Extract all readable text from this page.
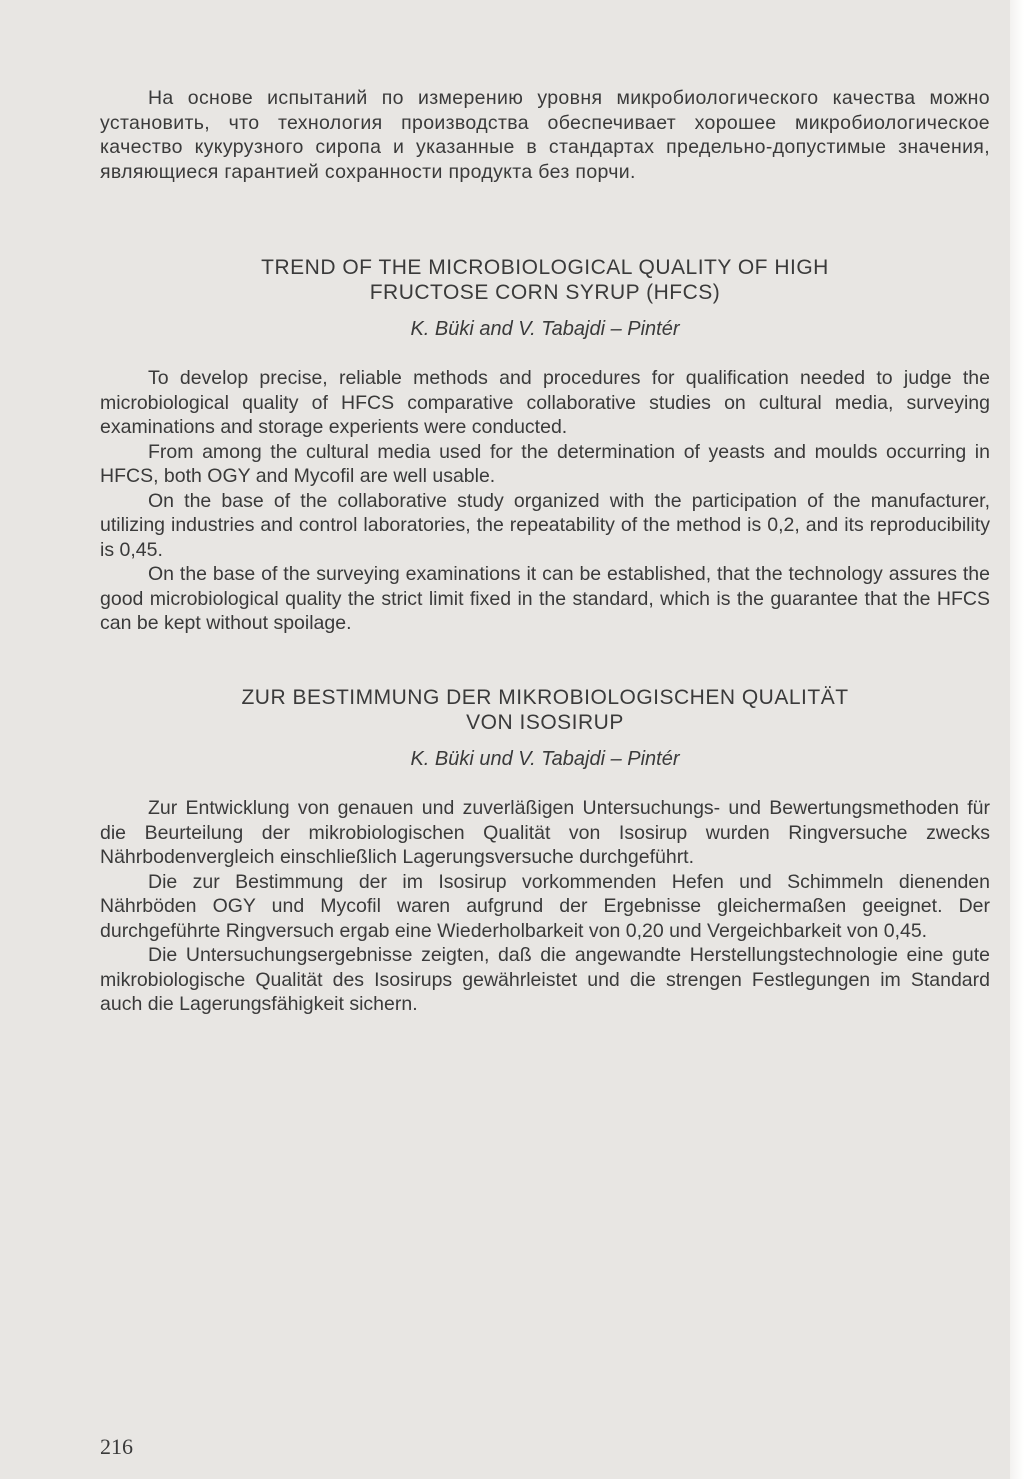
На основе испытаний по измерению уровня микробиологического качества можно установить, что технология производства обеспечивает хорошее микробиологическое качество кукурузного сиропа и указанные в стандартах предельно-допустимые значения, являющиеся гарантией сохранности продукта без порчи.

TREND OF THE MICROBIOLOGICAL QUALITY OF HIGH
FRUCTOSE CORN SYRUP (HFCS)
K. Büki and V. Tabajdi – Pintér

To develop precise, reliable methods and procedures for qualification needed to judge the microbiological quality of HFCS comparative collaborative studies on cultural media, surveying examinations and storage experients were conducted.

From among the cultural media used for the determination of yeasts and moulds occurring in HFCS, both OGY and Mycofil are well usable.

On the base of the collaborative study organized with the participation of the manufacturer, utilizing industries and control laboratories, the repeatability of the method is 0,2, and its reproducibility is 0,45.

On the base of the surveying examinations it can be established, that the technology assures the good microbiological quality the strict limit fixed in the standard, which is the guarantee that the HFCS can be kept without spoilage.

ZUR BESTIMMUNG DER MIKROBIOLOGISCHEN QUALITÄT
VON ISOSIRUP
K. Büki und V. Tabajdi – Pintér

Zur Entwicklung von genauen und zuverläßigen Untersuchungs- und Bewertungsmethoden für die Beurteilung der mikrobiologischen Qualität von Isosirup wurden Ringversuche zwecks Nährbodenvergleich einschließlich Lagerungsversuche durchgeführt.

Die zur Bestimmung der im Isosirup vorkommenden Hefen und Schimmeln dienenden Nährböden OGY und Mycofil waren aufgrund der Ergebnisse gleichermaßen geeignet. Der durchgeführte Ringversuch ergab eine Wiederholbarkeit von 0,20 und Vergeichbarkeit von 0,45.

Die Untersuchungsergebnisse zeigten, daß die angewandte Herstellungstechnologie eine gute mikrobiologische Qualität des Isosirups gewährleistet und die strengen Festlegungen im Standard auch die Lagerungsfähigkeit sichern.

216
